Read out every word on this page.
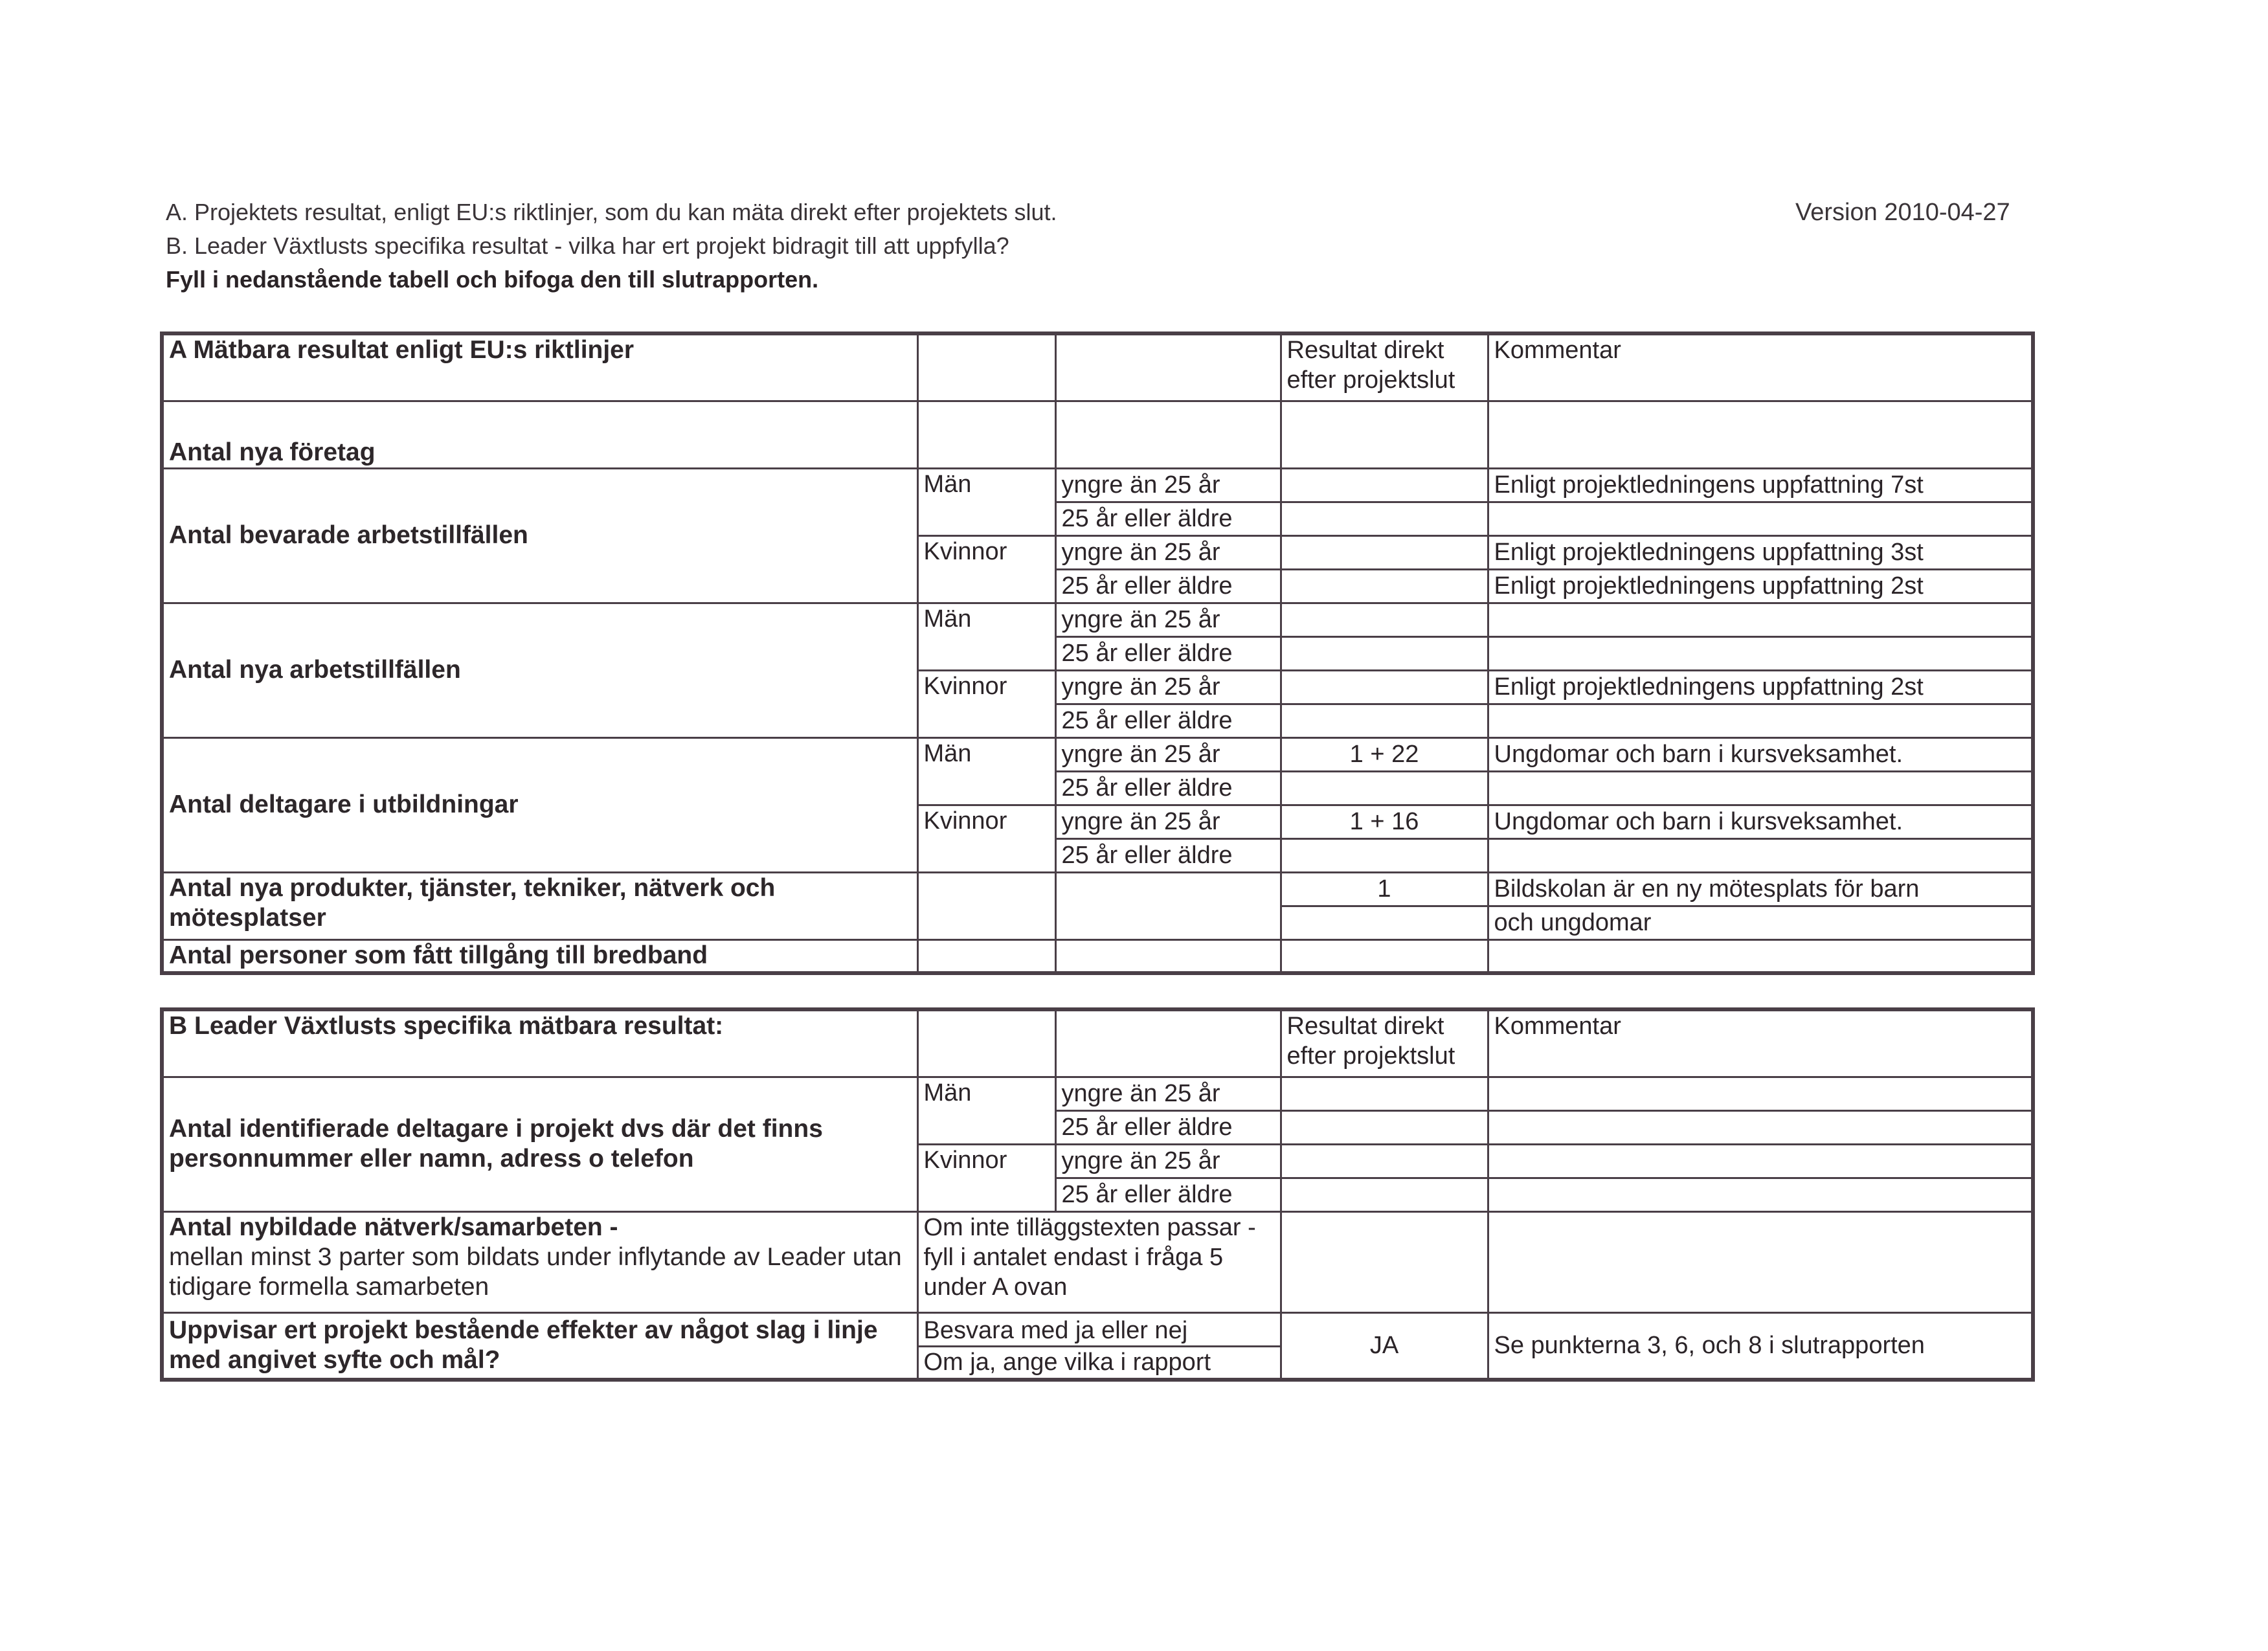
A. Projektets resultat, enligt EU:s riktlinjer, som du kan mäta direkt efter projektets slut.
B. Leader Växtlusts specifika resultat - vilka har ert projekt bidragit till att uppfylla?
Fyll i nedanstående tabell och bifoga den till slutrapporten.
Version 2010-04-27
A Mätbara resultat enligt EU:s riktlinjer			Resultat direkt efter projektslut	Kommentar
Antal nya företag				
Antal bevarade arbetstillfällen	Män	yngre än 25 år		Enligt projektledningens uppfattning 7st
		25 år eller äldre		
	Kvinnor	yngre än 25 år		Enligt projektledningens uppfattning 3st
		25 år eller äldre		Enligt projektledningens uppfattning 2st
Antal nya arbetstillfällen	Män	yngre än 25 år		
		25 år eller äldre		
	Kvinnor	yngre än 25 år		Enligt projektledningens uppfattning 2st
		25 år eller äldre		
Antal deltagare i utbildningar	Män	yngre än 25 år	1 + 22	Ungdomar och barn i kursveksamhet.
		25 år eller äldre		
	Kvinnor	yngre än 25 år	1 + 16	Ungdomar och barn i kursveksamhet.
		25 år eller äldre		
Antal nya produkter, tjänster, tekniker, nätverk och mötesplatser			1	Bildskolan är en ny mötesplats för barn
				och ungdomar
Antal personer som fått tillgång till bredband				
B Leader Växtlusts specifika mätbara resultat:			Resultat direkt efter projektslut	Kommentar
Antal identifierade deltagare i projekt dvs där det finns personnummer eller namn, adress o telefon	Män	yngre än 25 år		
		25 år eller äldre		
	Kvinnor	yngre än 25 år		
		25 år eller äldre		

Antal nybildade nätverk/samarbeten -
mellan minst 3 parter som bildats under inflytande av Leader utan tidigare formella samarbeten	Om inte tilläggstexten passar - fyll i antalet endast i fråga 5 under A ovan			
Uppvisar ert projekt bestående effekter av något slag i linje med angivet syfte och mål?	Besvara med ja eller nej		JA	Se punkterna 3, 6, och 8 i slutrapporten
	Om ja, ange vilka i rapport			
